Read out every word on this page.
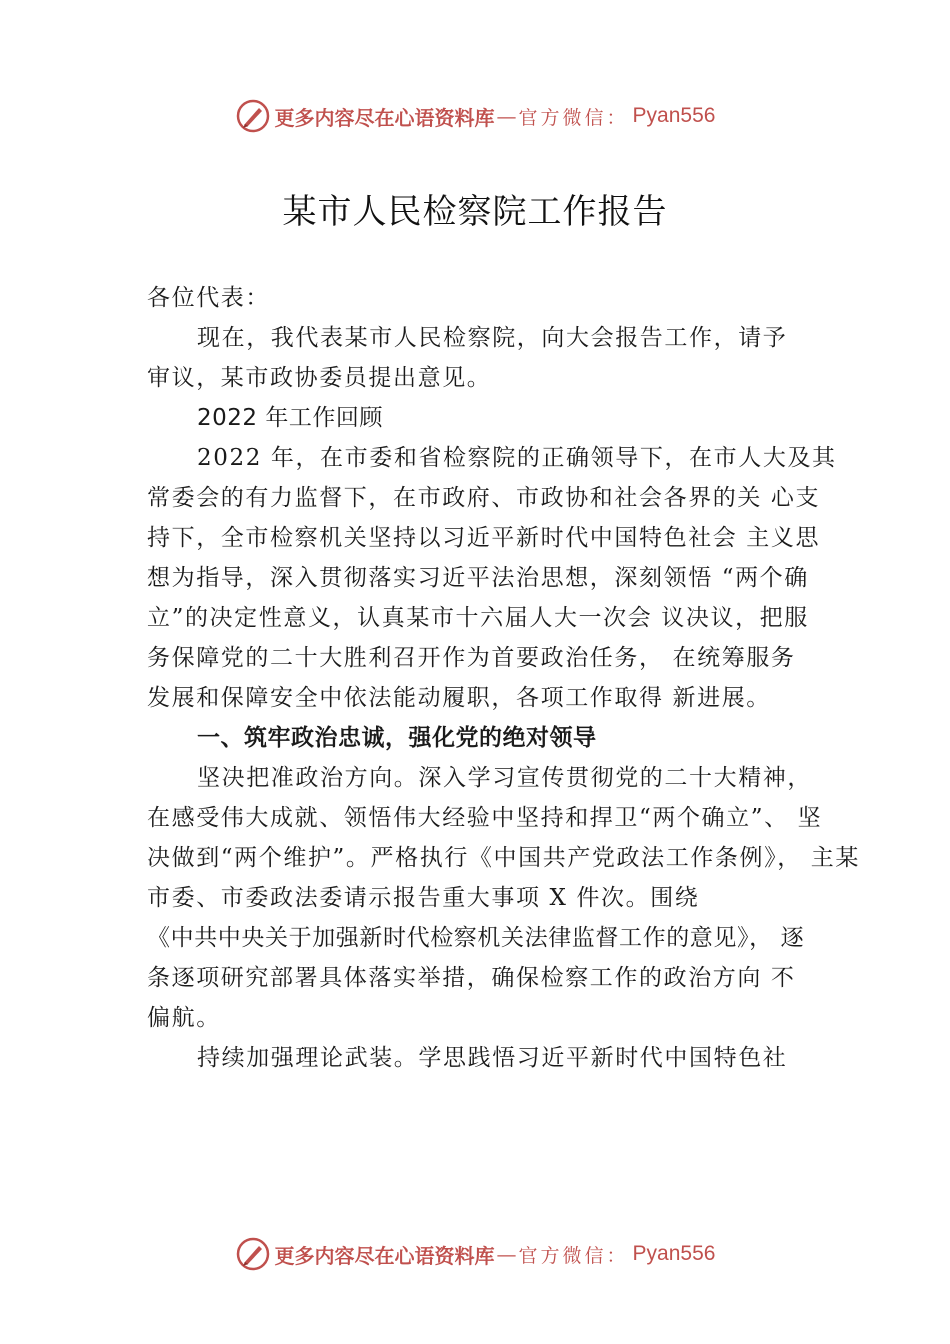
更多内容尽在心语资料库 — 官方微信： Pyan556
某市人民检察院工作报告
各位代表：
现在，我代表某市人民检察院，向大会报告工作，请予
审议，某市政协委员提出意见。
2022 年工作回顾
2022 年，在市委和省检察院的正确领导下，在市人大及其
常委会的有力监督下，在市政府、市政协和社会各界的关 心支
持下，全市检察机关坚持以习近平新时代中国特色社会 主义思
想为指导，深入贯彻落实习近平法治思想，深刻领悟 “两个确
立”的决定性意义，认真某市十六届人大一次会 议决议，把服
务保障党的二十大胜利召开作为首要政治任务， 在统筹服务
发展和保障安全中依法能动履职，各项工作取得 新进展。
一、筑牢政治忠诚，强化党的绝对领导
坚决把准政治方向。深入学习宣传贯彻党的二十大精神，
在感受伟大成就、领悟伟大经验中坚持和捍卫“两个确立”、 坚
决做到“两个维护”。严格执行《中国共产党政法工作条例》， 主某
市委、市委政法委请示报告重大事项 X 件次。围绕
《中共中央关于加强新时代检察机关法律监督工作的意见》， 逐
条逐项研究部署具体落实举措，确保检察工作的政治方向 不
偏航。
持续加强理论武装。学思践悟习近平新时代中国特色社
更多内容尽在心语资料库 — 官方微信： Pyan556
